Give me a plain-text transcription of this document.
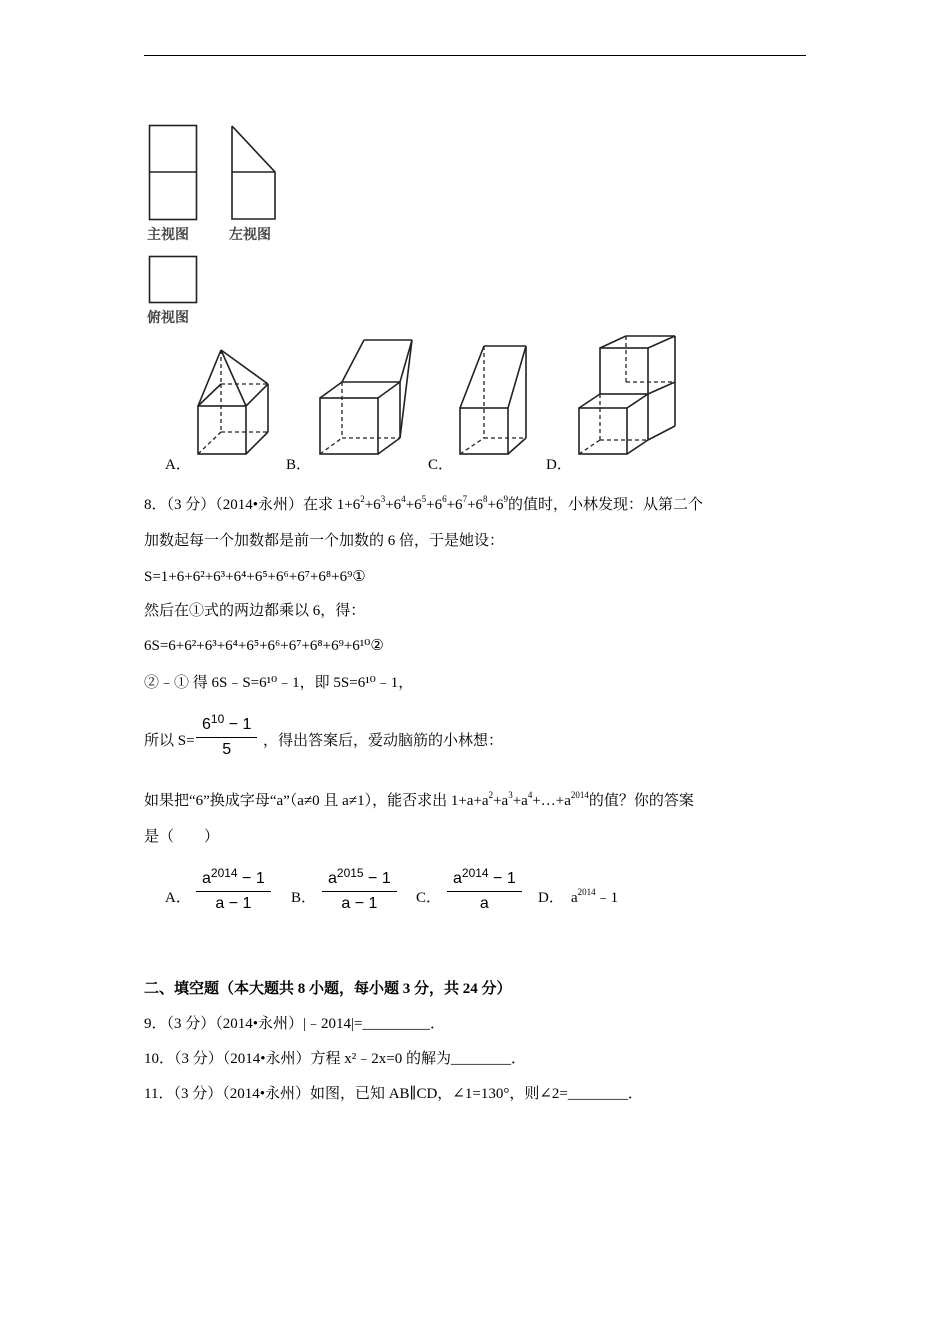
主视图	左视图
俯视图
A．	B．	C．	D．
8．（3 分）（2014•永州）在求 $1+6^2+6^3+6^4+6^5+6^6+6^7+6^8+6^9$的值时，小林发现：从第二个
加数起每一个加数都是前一个加数的 6 倍，于是她设：
S=1+6+6²+6³+6⁴+6⁵+6⁶+6⁷+6⁸+6⁹①
然后在①式的两边都乘以 6，得：
6S=6+6²+6³+6⁴+6⁵+6⁶+6⁷+6⁸+6⁹+6¹⁰②
②﹣① 得 6S﹣S=6¹⁰﹣1，即 5S=6¹⁰﹣1，
所以 $S= \frac{6^{10} - 1}{5}$ ，得出答案后，爱动脑筋的小林想：
如果把“6”换成字母“a”（a≠0 且 a≠1），能否求出 $1+a+a^2+a^3+a^4+\dots+a^{2014}$的值？你的答案
是（　　）
A． $\frac{a^{2014} - 1}{a - 1}$ B． $\frac{a^{2015} - 1}{a - 1}$ C． $\frac{a^{2014} - 1}{a}$ D． $a^{2014}﹣1$
二、填空题（本大题共 8 小题，每小题 3 分，共 24 分）
9．（3 分）（2014•永州）|﹣2014|=_________．
10．（3 分）（2014•永州）方程 x²﹣2x=0 的解为________．
11．（3 分）（2014•永州）如图，已知 AB∥CD，∠1=130°，则∠2=________．
